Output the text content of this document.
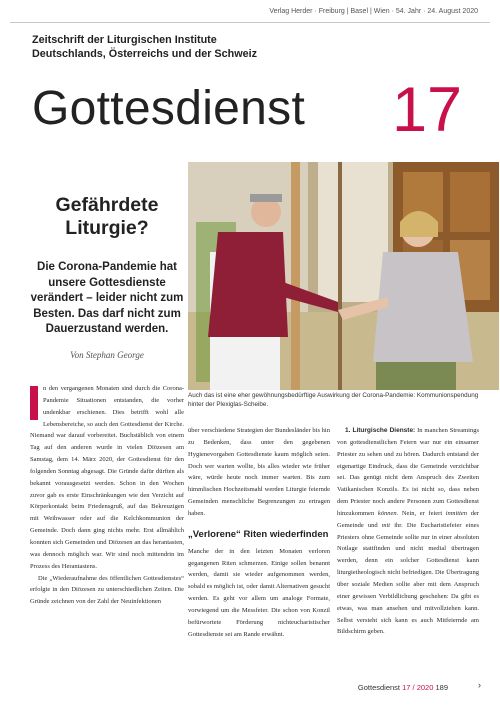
Verlag Herder · Freiburg | Basel | Wien · 54. Jahr · 24. August 2020
Zeitschrift der Liturgischen Institute
Deutschlands, Österreichs und der Schweiz
Gottesdienst 17
Gefährdete
Liturgie?
Die Corona-Pandemie hat unsere Gottesdienste verändert – leider nicht zum Besten. Das darf nicht zum Dauerzustand werden.
Von Stephan George
Auch das ist eine eher gewöhnungsbedürftige Auswirkung der Corona-Pandemie: Kommunionspendung hinter der Plexiglas-Scheibe.

n den vergangenen Monaten sind durch die Corona-Pandemie Situationen entstanden, die vorher undenkbar erschienen. Dies betrifft wohl alle Lebensbereiche, so auch den Gottesdienst der Kirche. Niemand war darauf vorbereitet. Buchstäblich von einem Tag auf den anderen wurde in vielen Diözesen am Samstag, dem 14. März 2020, der Gottesdienst für den folgenden Sonntag abgesagt. Die Gründe dafür dürften als bekannt vorausgesetzt werden. Schon in den Wochen zuvor gab es erste Einschränkungen wie den Verzicht auf Körperkontakt beim Friedensgruß, auf das Bekreuzigen mit Weihwasser oder auf die Kelchkommunion der Gemeinde. Doch dann ging nichts mehr. Erst allmählich konnten sich Gemeinden und Diözesen an das herantasten, was dennoch möglich war. Wir sind noch mittendrin im Prozess des Herantastens.

Die „Wiederaufnahme des öffentlichen Gottesdienstes“ erfolgte in den Diözesen zu unterschiedlichen Zeiten. Die Gründe zeichnen von der Zahl der Neuinfektionen

über verschiedene Strategien der Bundesländer bis hin zu Bedenken, dass unter den gegebenen Hygienevorgaben Gottesdienste kaum möglich seien. Doch wer warten wollte, bis alles wieder wie früher wäre, würde heute noch immer warten. Bis zum himmlischen Hochzeitsmahl werden Liturgie feiernde Gemeinden menschliche Begrenzungen zu ertragen haben.

„Verlorene“ Riten wiederfinden

Manche der in den letzten Monaten verloren gegangenen Riten schmerzen. Einige sollen benannt werden, damit sie wieder aufgenommen werden, sobald es möglich ist, oder damit Alternativen gesucht werden. Es geht vor allem um analoge Formate, vorwiegend um die Messfeier. Die schon von Konzil befürwortete Förderung nichteucharistischer Gottesdienste sei am Rande erwähnt.

1. Liturgische Dienste: In manchen Streamings von gottesdienstlichen Feiern war nur ein einsamer Priester zu sehen und zu hören. Dadurch entstand der eigenartige Eindruck, dass die Gemeinde verzichtbar sei. Das genügt nicht dem Anspruch des Zweiten Vatikanischen Konzils. Es ist nicht so, dass neben dem Priester noch andere Personen zum Gottesdienst hinzukommen können. Nein, er feiert inmitten der Gemeinde und mit ihr. Die Eucharistiefeier eines Priesters ohne Gemeinde sollte nur in einer absoluten Notlage stattfinden und nicht medial übertragen werden, denn ein solcher Gottesdienst kann liturgietheologisch nicht befriedigen. Die Übertragung über soziale Medien sollte aber mit dem Anspruch einer gewissen Verbildlichung geschehen: Da gibt es etwas, was man ansehen und mitvollziehen kann. Selbst versteht sich kann es auch Mitfeiernde am Bildschirm geben.

Gottesdienst 17 / 2020 189	›
